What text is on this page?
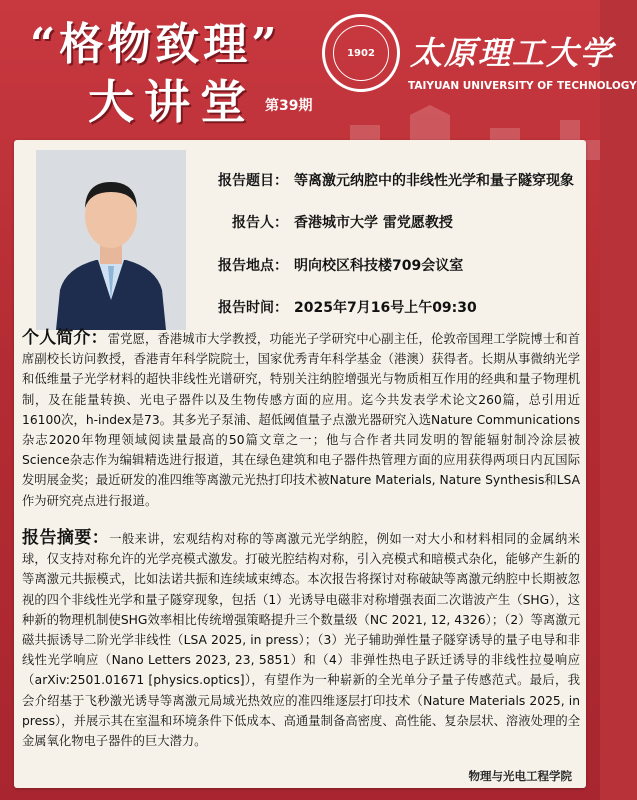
“格物致理”
大讲堂 第39期
1902	太原理工大学
TAIYUAN UNIVERSITY OF TECHNOLOGY
报告题目： 等离激元纳腔中的非线性光学和量子隧穿现象
报告人： 香港城市大学 雷党愿教授
报告地点： 明向校区科技楼709会议室
报告时间： 2025年7月16号上午09:30
个人简介：雷党愿，香港城市大学教授，功能光子学研究中心副主任，伦敦帝国理工学院博士和首席副校长访问教授，香港青年科学院院士，国家优秀青年科学基金（港澳）获得者。长期从事微纳光学和低维量子光学材料的超快非线性光谱研究，特别关注纳腔增强光与物质相互作用的经典和量子物理机制，及在能量转换、光电子器件以及生物传感方面的应用。迄今共发表学术论文260篇，总引用近16100次，h-index是73。其多光子泵浦、超低阈值量子点激光器研究入选Nature Communications杂志2020年物理领域阅读量最高的50篇文章之一；他与合作者共同发明的智能辐射制冷涂层被Science杂志作为编辑精选进行报道，其在绿色建筑和电子器件热管理方面的应用获得两项日内瓦国际发明展金奖；最近研发的准四维等离激元光热打印技术被Nature Materials, Nature Synthesis和LSA作为研究亮点进行报道。
报告摘要：一般来讲，宏观结构对称的等离激元光学纳腔，例如一对大小和材料相同的金属纳米球，仅支持对称允许的光学亮模式激发。打破光腔结构对称，引入亮模式和暗模式杂化，能够产生新的等离激元共振模式，比如法诺共振和连续域束缚态。本次报告将探讨对称破缺等离激元纳腔中长期被忽视的四个非线性光学和量子隧穿现象，包括（1）光诱导电磁非对称增强表面二次谐波产生（SHG），这种新的物理机制使SHG效率相比传统增强策略提升三个数量级（NC 2021, 12, 4326）；（2）等离激元磁共振诱导二阶光学非线性（LSA 2025, in press）；（3）光子辅助弹性量子隧穿诱导的量子电导和非线性光学响应（Nano Letters 2023, 23, 5851）和（4）非弹性热电子跃迁诱导的非线性拉曼响应（arXiv:2501.01671 [physics.optics]），有望作为一种崭新的全光单分子量子传感范式。最后，我会介绍基于飞秒激光诱导等离激元局域光热效应的准四维逐层打印技术（Nature Materials 2025, in press），并展示其在室温和环境条件下低成本、高通量制备高密度、高性能、复杂层状、溶液处理的全金属氧化物电子器件的巨大潜力。
物理与光电工程学院
